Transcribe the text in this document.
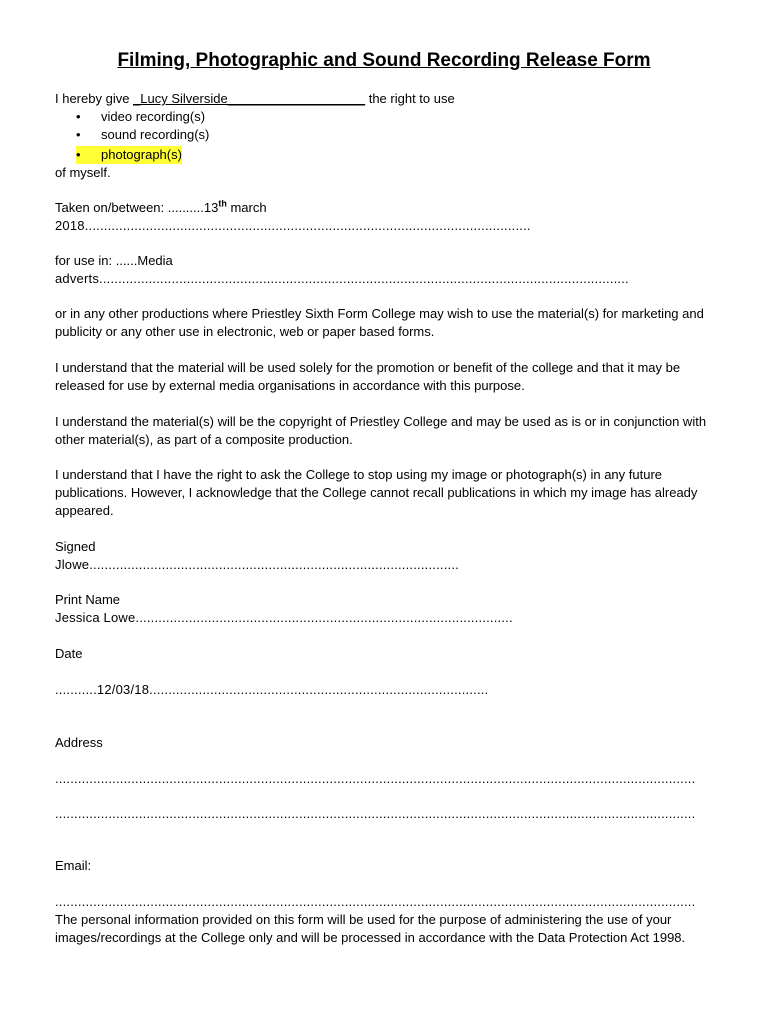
Filming, Photographic and Sound Recording Release Form
I hereby give _Lucy Silverside___________________ the right to use
• video recording(s)
• sound recording(s)
•	photograph(s)
of myself.
Taken on/between: ..........13th march
2018.....................................................................................................................
for use in: ......Media
adverts...........................................................................................................................................
or in any other productions where Priestley Sixth Form College may wish to use the material(s) for marketing and publicity or any other use in electronic, web or paper based forms.
I understand that the material will be used solely for the promotion or benefit of the college and that it may be released for use by external media organisations in accordance with this purpose.
I understand the material(s) will be the copyright of Priestley College and may be used as is or in conjunction with other material(s), as part of a composite production.
I understand that I have the right to ask the College to stop using my image or photograph(s) in any future publications. However, I acknowledge that the College cannot recall publications in which my image has already appeared.
Signed
Jlowe.................................................................................................
Print Name
Jessica Lowe...................................................................................................
Date
...........12/03/18.........................................................................................
Address
........................................................................................................................................................................
........................................................................................................................................................................
Email:
........................................................................................................................................................................
The personal information provided on this form will be used for the purpose of administering the use of your images/recordings at the College only and will be processed in accordance with the Data Protection Act 1998.
